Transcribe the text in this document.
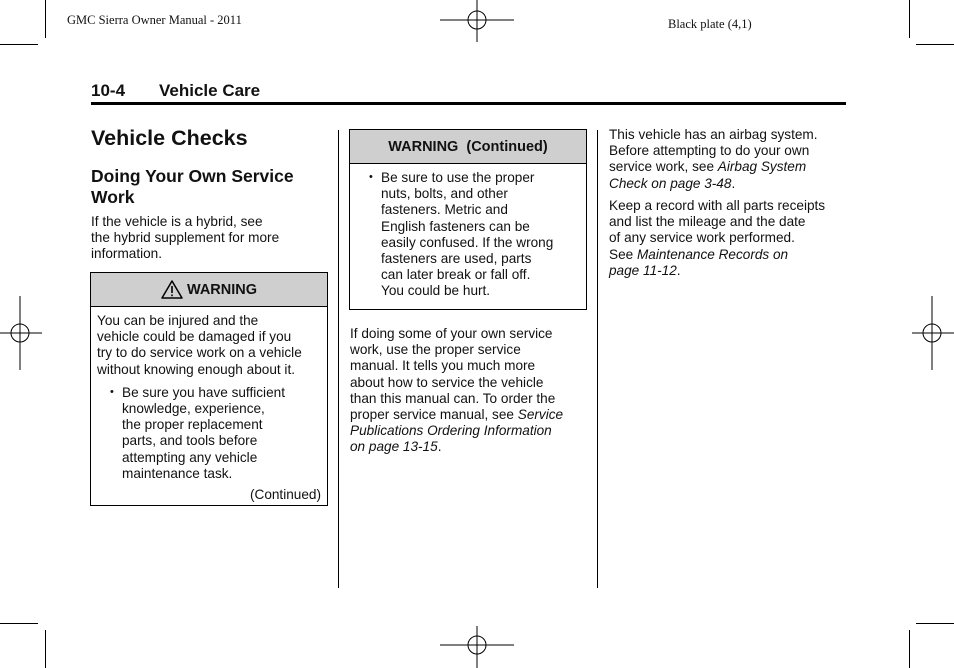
GMC Sierra Owner Manual - 2011	Black plate (4,1)
10-4 Vehicle Care
Vehicle Checks
Doing Your Own Service Work
If the vehicle is a hybrid, see
the hybrid supplement for more
information.
WARNING
You can be injured and the
vehicle could be damaged if you
try to do service work on a vehicle
without knowing enough about it.
• Be sure you have sufficient
knowledge, experience,
the proper replacement
parts, and tools before
attempting any vehicle
maintenance task.
(Continued)
WARNING  (Continued)
• Be sure to use the proper
nuts, bolts, and other
fasteners. Metric and
English fasteners can be
easily confused. If the wrong
fasteners are used, parts
can later break or fall off.
You could be hurt.
If doing some of your own service
work, use the proper service
manual. It tells you much more
about how to service the vehicle
than this manual can. To order the
proper service manual, see Service
Publications Ordering Information
on page 13-15.
This vehicle has an airbag system.
Before attempting to do your own
service work, see Airbag System
Check on page 3-48.
Keep a record with all parts receipts
and list the mileage and the date
of any service work performed.
See Maintenance Records on
page 11-12.
